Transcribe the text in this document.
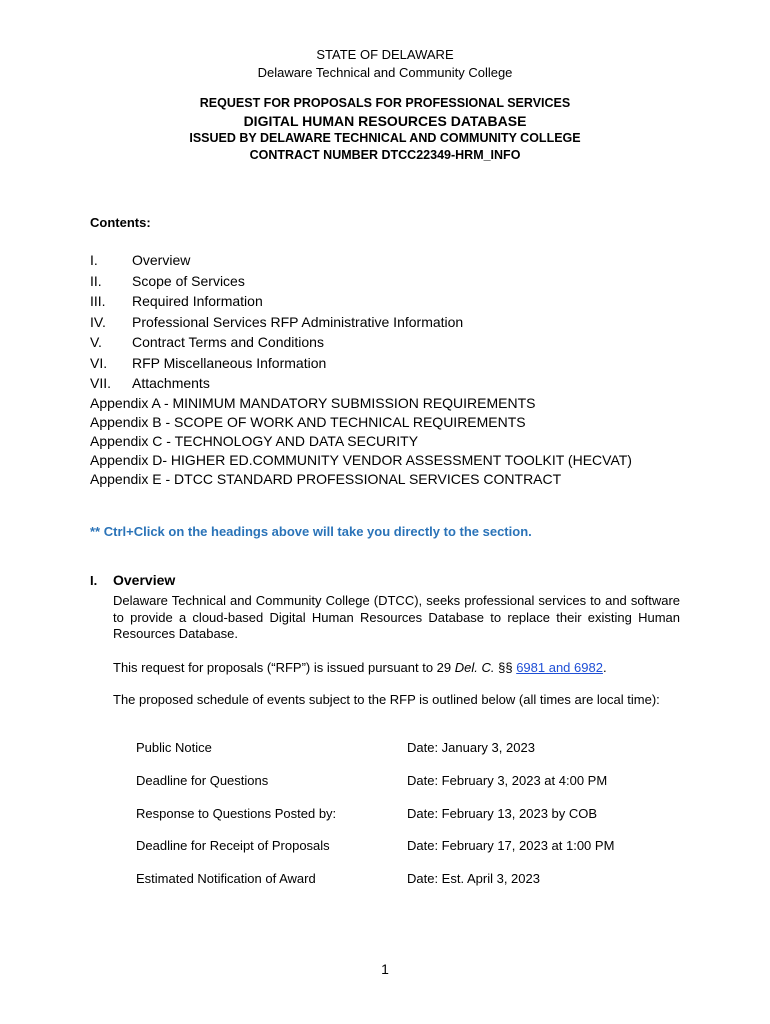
STATE OF DELAWARE
Delaware Technical and Community College
REQUEST FOR PROPOSALS FOR PROFESSIONAL SERVICES
DIGITAL HUMAN RESOURCES DATABASE
ISSUED BY DELAWARE TECHNICAL AND COMMUNITY COLLEGE
CONTRACT NUMBER DTCC22349-HRM_INFO
Contents:
I. Overview
II. Scope of Services
III. Required Information
IV. Professional Services RFP Administrative Information
V. Contract Terms and Conditions
VI. RFP Miscellaneous Information
VII. Attachments
Appendix A - MINIMUM MANDATORY SUBMISSION REQUIREMENTS
Appendix B - SCOPE OF WORK AND TECHNICAL REQUIREMENTS
Appendix C - TECHNOLOGY AND DATA SECURITY
Appendix D- HIGHER ED.COMMUNITY VENDOR ASSESSMENT TOOLKIT (HECVAT)
Appendix E - DTCC STANDARD PROFESSIONAL SERVICES CONTRACT
** Ctrl+Click on the headings above will take you directly to the section.
I. Overview
Delaware Technical and Community College (DTCC), seeks professional services to and software to provide a cloud-based Digital Human Resources Database to replace their existing Human Resources Database.
This request for proposals (“RFP”) is issued pursuant to 29 Del. C. §§ 6981 and 6982.
The proposed schedule of events subject to the RFP is outlined below (all times are local time):
Public Notice	Date: January 3, 2023
Deadline for Questions	Date: February 3, 2023 at 4:00 PM
Response to Questions Posted by:	Date: February 13, 2023 by COB
Deadline for Receipt of Proposals	Date: February 17, 2023 at 1:00 PM
Estimated Notification of Award	Date: Est. April 3, 2023
1
